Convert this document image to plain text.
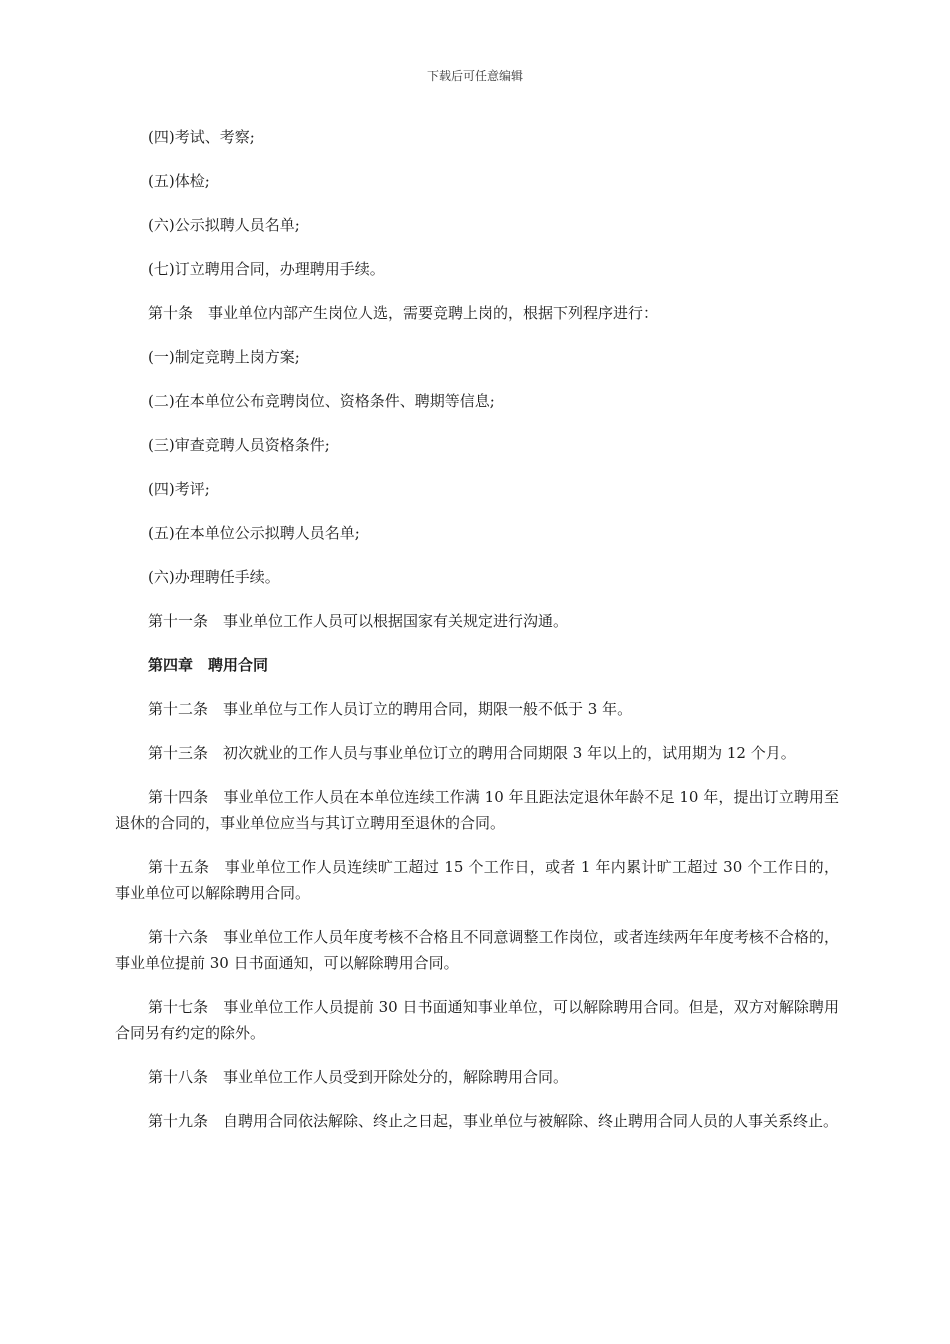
下载后可任意编辑

(四)考试、考察;

(五)体检;

(六)公示拟聘人员名单;

(七)订立聘用合同，办理聘用手续。

第十条　事业单位内部产生岗位人选，需要竞聘上岗的，根据下列程序进行：

(一)制定竞聘上岗方案;

(二)在本单位公布竞聘岗位、资格条件、聘期等信息;

(三)审查竞聘人员资格条件;

(四)考评;

(五)在本单位公示拟聘人员名单;

(六)办理聘任手续。

第十一条　事业单位工作人员可以根据国家有关规定进行沟通。

第四章　聘用合同

第十二条　事业单位与工作人员订立的聘用合同，期限一般不低于 3 年。

第十三条　初次就业的工作人员与事业单位订立的聘用合同期限 3 年以上的，试用期为 12 个月。

第十四条　事业单位工作人员在本单位连续工作满 10 年且距法定退休年龄不足 10 年，提出订立聘用至退休的合同的，事业单位应当与其订立聘用至退休的合同。

第十五条　事业单位工作人员连续旷工超过 15 个工作日，或者 1 年内累计旷工超过 30 个工作日的，事业单位可以解除聘用合同。

第十六条　事业单位工作人员年度考核不合格且不同意调整工作岗位，或者连续两年年度考核不合格的，事业单位提前 30 日书面通知，可以解除聘用合同。

第十七条　事业单位工作人员提前 30 日书面通知事业单位，可以解除聘用合同。但是，双方对解除聘用合同另有约定的除外。

第十八条　事业单位工作人员受到开除处分的，解除聘用合同。

第十九条　自聘用合同依法解除、终止之日起，事业单位与被解除、终止聘用合同人员的人事关系终止。
